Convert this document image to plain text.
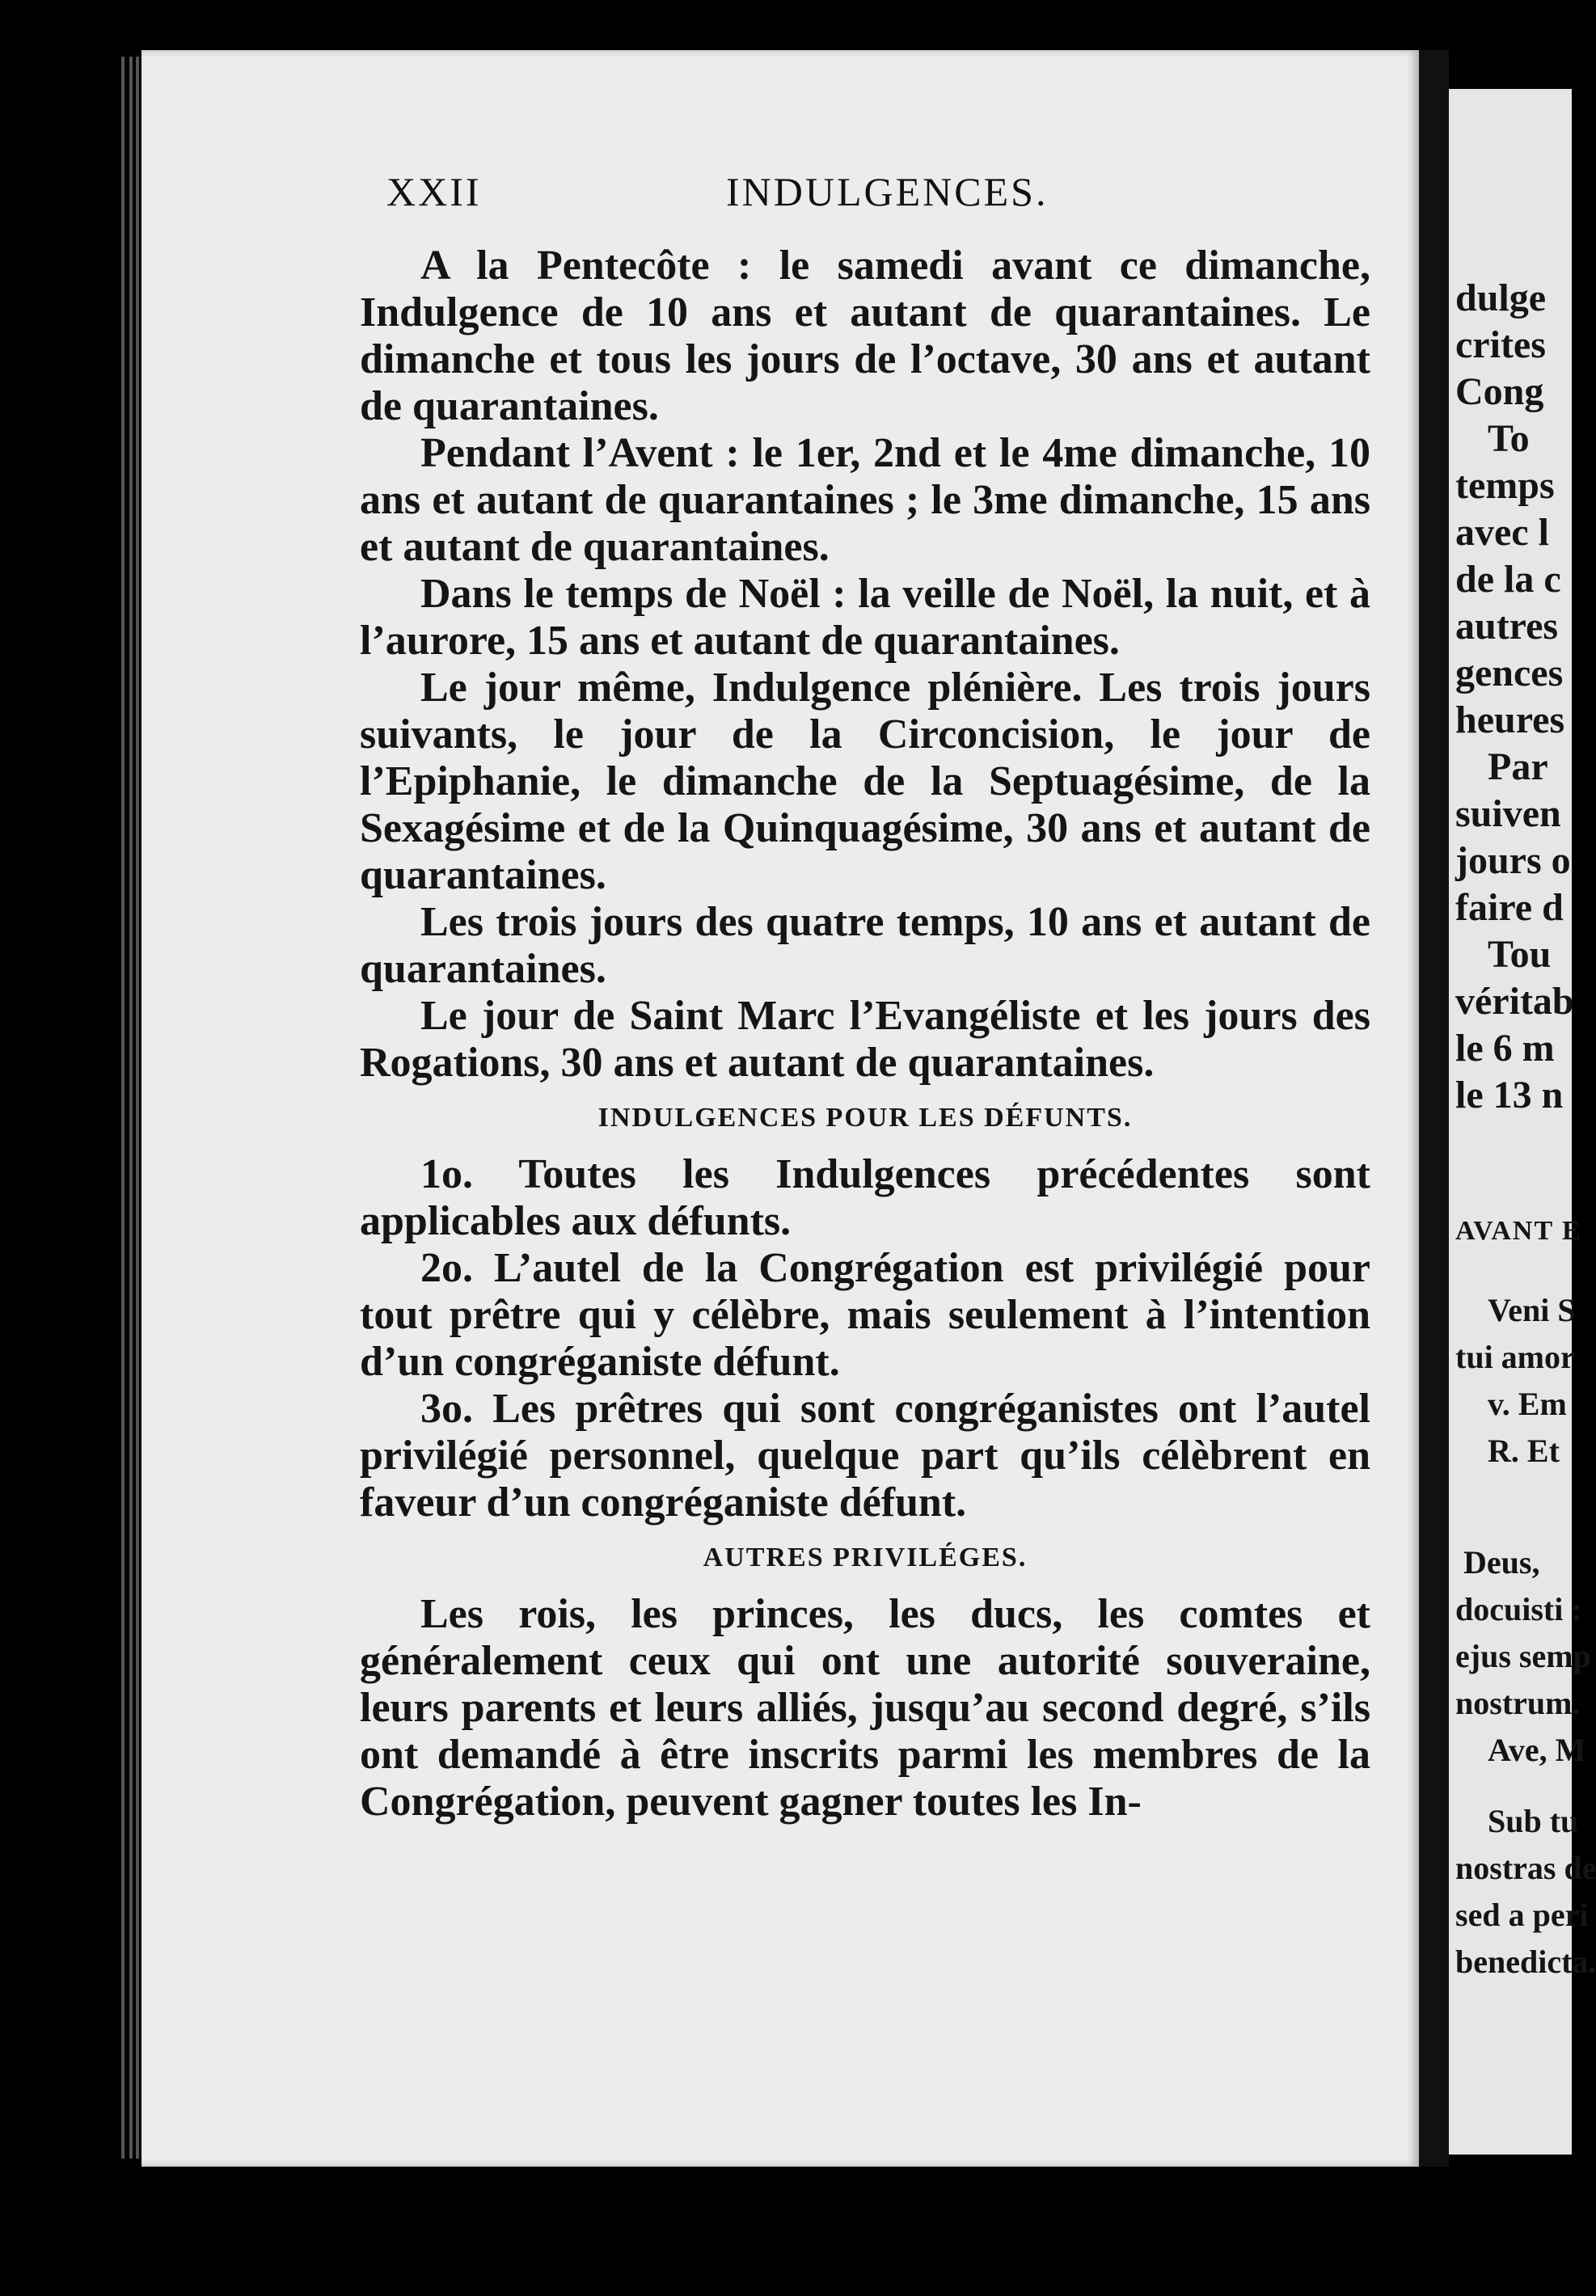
XXII	INDULGENCES.

A la Pentecôte : le samedi avant ce dimanche, Indulgence de 10 ans et autant de quarantaines. Le dimanche et tous les jours de l’octave, 30 ans et autant de quarantaines.

Pendant l’Avent : le 1er, 2nd et le 4me dimanche, 10 ans et autant de quarantaines ; le 3me dimanche, 15 ans et autant de quarantaines.

Dans le temps de Noël : la veille de Noël, la nuit, et à l’aurore, 15 ans et autant de quarantaines.

Le jour même, Indulgence plénière. Les trois jours suivants, le jour de la Circoncision, le jour de l’Epiphanie, le dimanche de la Septuagésime, de la Sexagésime et de la Quinquagésime, 30 ans et autant de quarantaines.

Les trois jours des quatre temps, 10 ans et autant de quarantaines.

Le jour de Saint Marc l’Evangéliste et les jours des Rogations, 30 ans et autant de quarantaines.

INDULGENCES POUR LES DÉFUNTS.

1o. Toutes les Indulgences précédentes sont applicables aux défunts.

2o. L’autel de la Congrégation est privilégié pour tout prêtre qui y célèbre, mais seulement à l’intention d’un congréganiste défunt.

3o. Les prêtres qui sont congréganistes ont l’autel privilégié personnel, quelque part qu’ils célèbrent en faveur d’un congréganiste défunt.

AUTRES PRIVILÉGES.

Les rois, les princes, les ducs, les comtes et généralement ceux qui ont une autorité souveraine, leurs parents et leurs alliés, jusqu’au second degré, s’ils ont demandé à être inscrits parmi les membres de la Congrégation, peuvent gagner toutes les In-

dulge
crites
Cong
To
temps
avec l
de la c
autres
gences
heures
Par
suiven
jours o
faire d
Tou
véritab
le 6 m
le 13 n
AVANT E
Veni S
tui amor
v. Em
R. Et
Deus,
docuisti :
ejus semp
nostrum.
Ave, M
Sub tu
nostras de
sed a peri
benedicta.
